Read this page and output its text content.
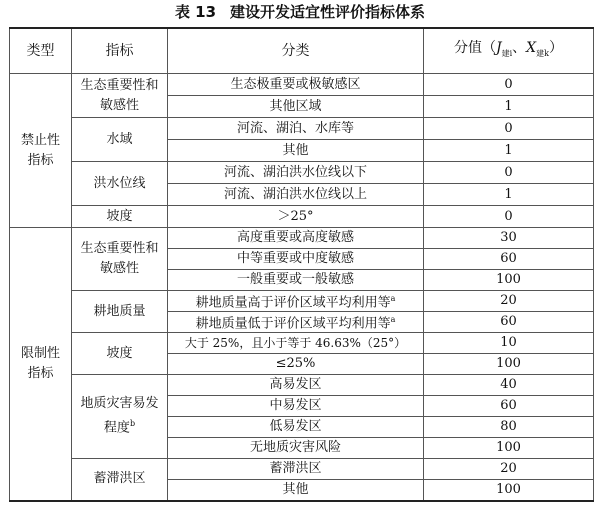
表 13 建设开发适宜性评价指标体系
类型	指标	分类	分值（$J_{建i}$、$X_{建k}$）
禁止性指标	生态重要性和敏感性	生态极重要或极敏感区	0
		其他区域	1
	水域	河流、湖泊、水库等	0
		其他	1
	洪水位线	河流、湖泊洪水位线以下	0
		河流、湖泊洪水位线以上	1
	坡度	＞25°	0
限制性指标	生态重要性和敏感性	高度重要或高度敏感	30
		中等重要或中度敏感	60
		一般重要或一般敏感	100
	耕地质量	耕地质量高于评价区域平均利用等$^a$	20
		耕地质量低于评价区域平均利用等$^a$	60
	坡度	大于 25%，且小于等于 46.63%（25°）	10
		≤25%	100
	地质灾害易发程度$^b$	高易发区	40
		中易发区	60
		低易发区	80
		无地质灾害风险	100
	蓄滞洪区	蓄滞洪区	20
		其他	100
